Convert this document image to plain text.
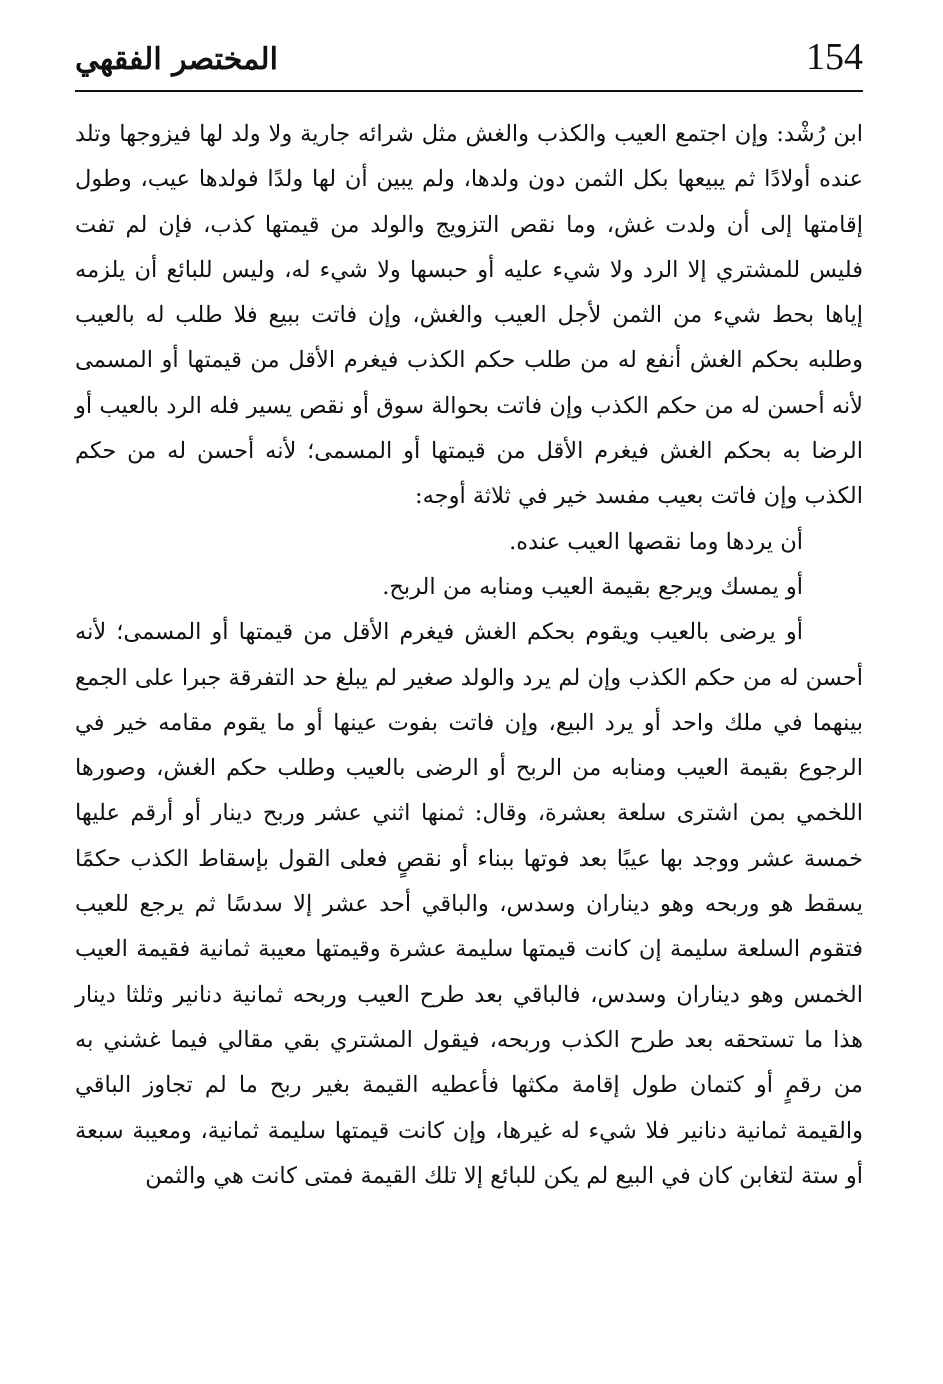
154
المختصر الفقهي

ابن رُشْد: وإن اجتمع العيب والكذب والغش مثل شرائه جارية ولا ولد لها فيزوجها وتلد عنده أولادًا ثم يبيعها بكل الثمن دون ولدها، ولم يبين أن لها ولدًا فولدها عيب، وطول إقامتها إلى أن ولدت غش، وما نقص التزويج والولد من قيمتها كذب، فإن لم تفت فليس للمشتري إلا الرد ولا شيء عليه أو حبسها ولا شيء له، وليس للبائع أن يلزمه إياها بحط شيء من الثمن لأجل العيب والغش، وإن فاتت ببيع فلا طلب له بالعيب وطلبه بحكم الغش أنفع له من طلب حكم الكذب فيغرم الأقل من قيمتها أو المسمى لأنه أحسن له من حكم الكذب وإن فاتت بحوالة سوق أو نقص يسير فله الرد بالعيب أو الرضا به بحكم الغش فيغرم الأقل من قيمتها أو المسمى؛ لأنه أحسن له من حكم الكذب وإن فاتت بعيب مفسد خير في ثلاثة أوجه:

أن يردها وما نقصها العيب عنده.

أو يمسك ويرجع بقيمة العيب ومنابه من الربح.

أو يرضى بالعيب ويقوم بحكم الغش فيغرم الأقل من قيمتها أو المسمى؛ لأنه أحسن له من حكم الكذب وإن لم يرد والولد صغير لم يبلغ حد التفرقة جبرا على الجمع بينهما في ملك واحد أو يرد البيع، وإن فاتت بفوت عينها أو ما يقوم مقامه خير في الرجوع بقيمة العيب ومنابه من الربح أو الرضى بالعيب وطلب حكم الغش، وصورها اللخمي بمن اشترى سلعة بعشرة، وقال: ثمنها اثني عشر وربح دينار أو أرقم عليها خمسة عشر ووجد بها عيبًا بعد فوتها ببناء أو نقصٍ فعلى القول بإسقاط الكذب حكمًا يسقط هو وربحه وهو ديناران وسدس، والباقي أحد عشر إلا سدسًا ثم يرجع للعيب فتقوم السلعة سليمة إن كانت قيمتها سليمة عشرة وقيمتها معيبة ثمانية فقيمة العيب الخمس وهو ديناران وسدس، فالباقي بعد طرح العيب وربحه ثمانية دنانير وثلثا دينار هذا ما تستحقه بعد طرح الكذب وربحه، فيقول المشتري بقي مقالي فيما غشني به من رقمٍ أو كتمان طول إقامة مكثها فأعطيه القيمة بغير ربح ما لم تجاوز الباقي والقيمة ثمانية دنانير فلا شيء له غيرها، وإن كانت قيمتها سليمة ثمانية، ومعيبة سبعة أو ستة لتغابن كان في البيع لم يكن للبائع إلا تلك القيمة فمتى كانت هي والثمن
